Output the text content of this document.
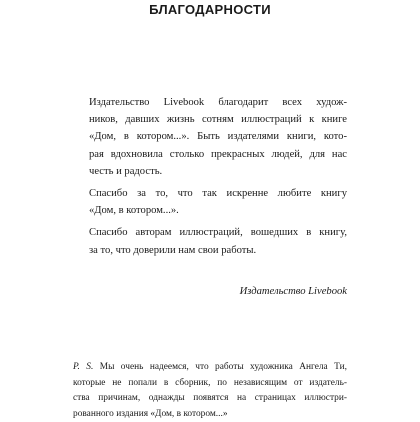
БЛАГОДАРНОСТИ

Издательство Livebook благодарит всех худож-
ников, давших жизнь сотням иллюстраций к книге
«Дом, в котором...». Быть издателями книги, кото-
рая вдохновила столько прекрасных людей, для нас
честь и радость.

Спасибо за то, что так искренне любите книгу
«Дом, в котором...».

Спасибо авторам иллюстраций, вошедших в книгу,
за то, что доверили нам свои работы.

Издательство Livebook

P. S. Мы очень надеемся, что работы художника Ангела Ти,
которые не попали в сборник, по независящим от издатель-
ства причинам, однажды появятся на страницах иллюстри-
рованного издания «Дом, в котором...»
